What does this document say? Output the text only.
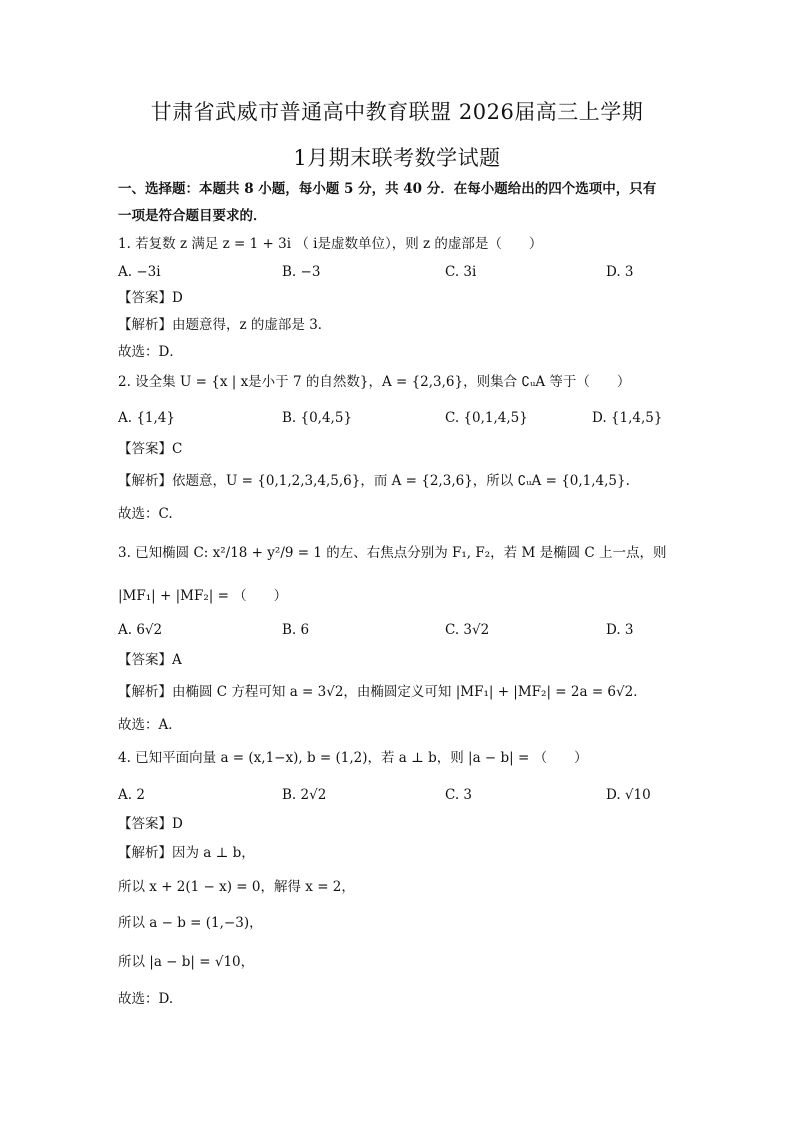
甘肃省武威市普通高中教育联盟 2026届高三上学期
1月期末联考数学试题
一、选择题：本题共 8 小题，每小题 5 分，共 40 分．在每小题给出的四个选项中，只有
一项是符合题目要求的．
1. 若复数 z 满足 z = 1 + 3i （ i是虚数单位），则 z 的虚部是（　　）
A. −3i	B. −3	C. 3i	D. 3
【答案】D
【解析】由题意得，z 的虚部是 3．
故选：D．
2. 设全集 U = {x | x是小于 7 的自然数}，A = {2,3,6}，则集合 ∁ᵤA 等于（　　）
A. {1,4}	B. {0,4,5}	C. {0,1,4,5}	D. {1,4,5}
【答案】C
【解析】依题意，U = {0,1,2,3,4,5,6}，而 A = {2,3,6}，所以 ∁ᵤA = {0,1,4,5}.
故选：C.
3. 已知椭圆 C: x²/18 + y²/9 = 1 的左、右焦点分别为 F₁, F₂，若 M 是椭圆 C 上一点，则
|MF₁| + |MF₂| = （　　）
A. 6√2	B. 6	C. 3√2	D. 3
【答案】A
【解析】由椭圆 C 方程可知 a = 3√2，由椭圆定义可知 |MF₁| + |MF₂| = 2a = 6√2．
故选：A．
4. 已知平面向量 a = (x,1−x), b = (1,2)，若 a ⊥ b，则 |a − b| = （　　）
A. 2	B. 2√2	C. 3	D. √10
【答案】D
【解析】因为 a ⊥ b，
所以 x + 2(1 − x) = 0，解得 x = 2，
所以 a − b = (1,−3)，
所以 |a − b| = √10，
故选：D.
